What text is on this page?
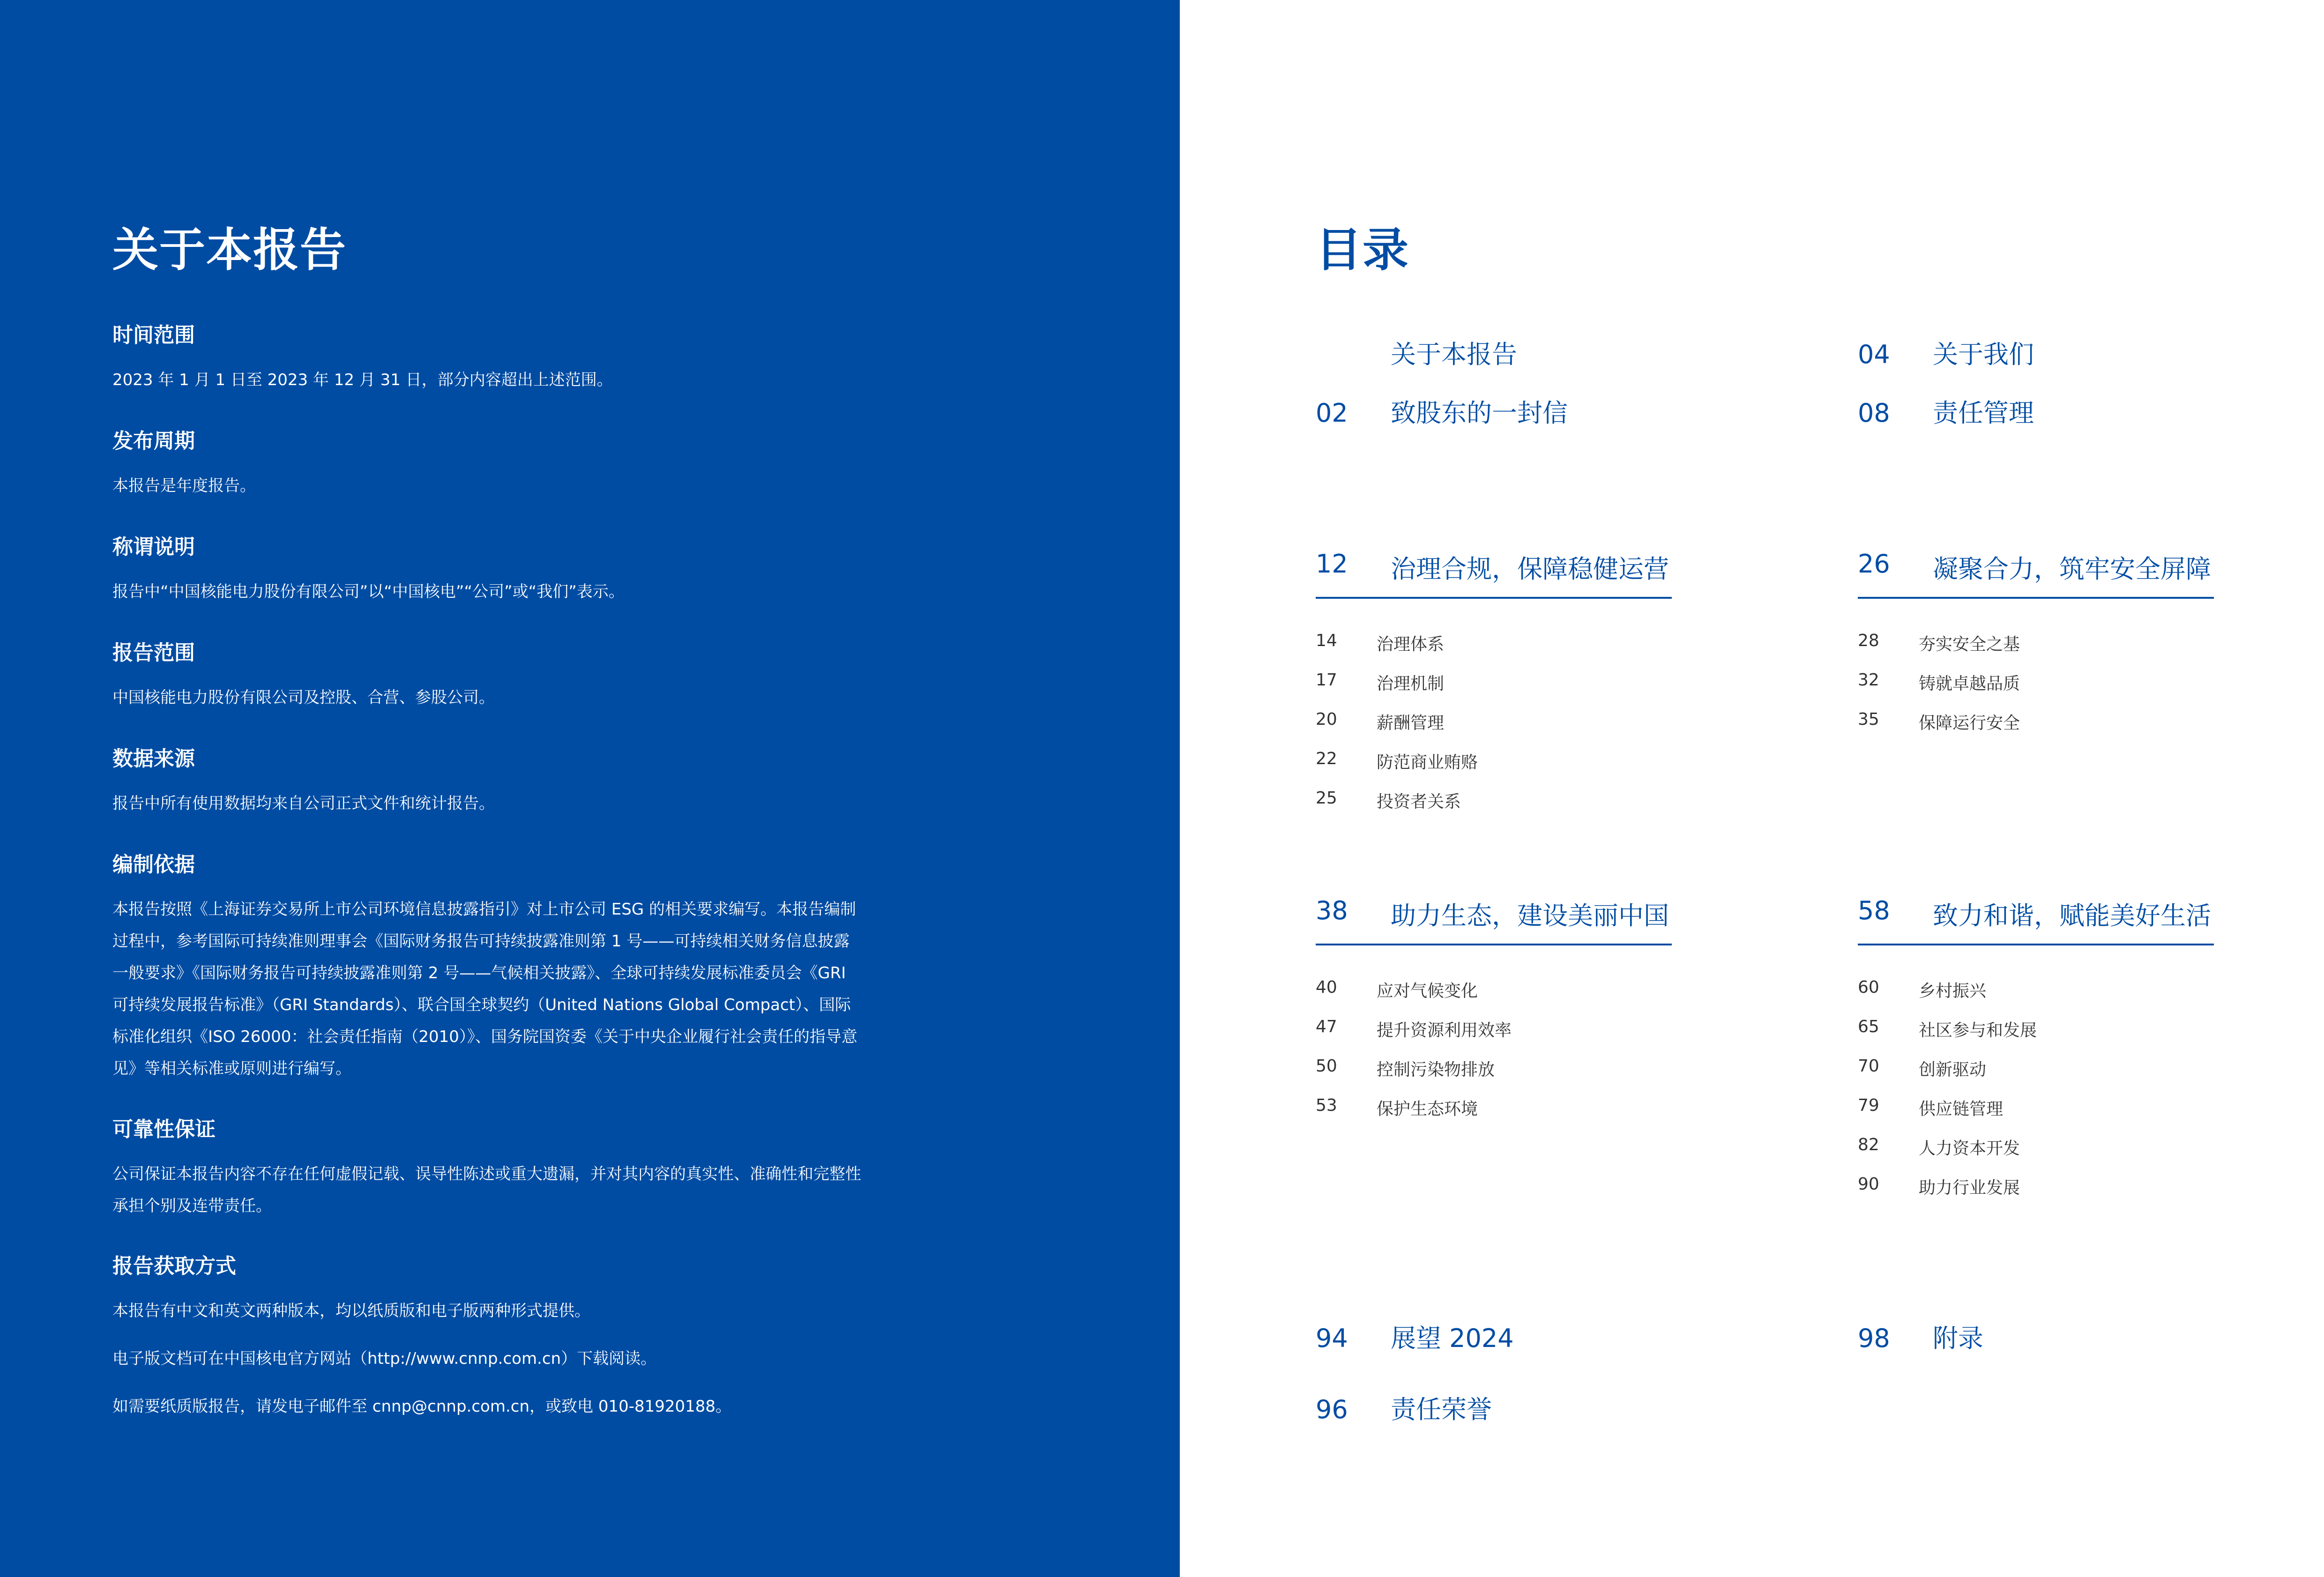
关于本报告
时间范围

2023 年 1 月 1 日至 2023 年 12 月 31 日，部分内容超出上述范围。

发布周期

本报告是年度报告。

称谓说明

报告中“中国核能电力股份有限公司”以“中国核电”“公司”或“我们”表示。

报告范围

中国核能电力股份有限公司及控股、合营、参股公司。

数据来源

报告中所有使用数据均来自公司正式文件和统计报告。

编制依据

本报告按照《上海证券交易所上市公司环境信息披露指引》对上市公司 ESG 的相关要求编写。本报告编制过程中，参考国际可持续准则理事会《国际财务报告可持续披露准则第 1 号——可持续相关财务信息披露一般要求》《国际财务报告可持续披露准则第 2 号——气候相关披露》、全球可持续发展标准委员会《GRI 可持续发展报告标准》（GRI Standards）、联合国全球契约（United Nations Global Compact）、国际标准化组织《ISO 26000：社会责任指南（2010）》、国务院国资委《关于中央企业履行社会责任的指导意见》等相关标准或原则进行编写。

可靠性保证

公司保证本报告内容不存在任何虚假记载、误导性陈述或重大遗漏，并对其内容的真实性、准确性和完整性承担个别及连带责任。

报告获取方式

本报告有中文和英文两种版本，均以纸质版和电子版两种形式提供。

电子版文档可在中国核电官方网站（http://www.cnnp.com.cn）下载阅读。

如需要纸质版报告，请发电子邮件至 cnnp@cnnp.com.cn，或致电 010-81920188。

目录
关于本报告
02 致股东的一封信
04 关于我们
08 责任管理
12 治理合规，保障稳健运营
14 治理体系
17 治理机制
20 薪酬管理
22 防范商业贿赂
25 投资者关系
26 凝聚合力，筑牢安全屏障
28 夯实安全之基
32 铸就卓越品质
35 保障运行安全
38 助力生态，建设美丽中国
40 应对气候变化
47 提升资源利用效率
50 控制污染物排放
53 保护生态环境
58 致力和谐，赋能美好生活
60 乡村振兴
65 社区参与和发展
70 创新驱动
79 供应链管理
82 人力资本开发
90 助力行业发展
94 展望 2024
96 责任荣誉
98 附录
